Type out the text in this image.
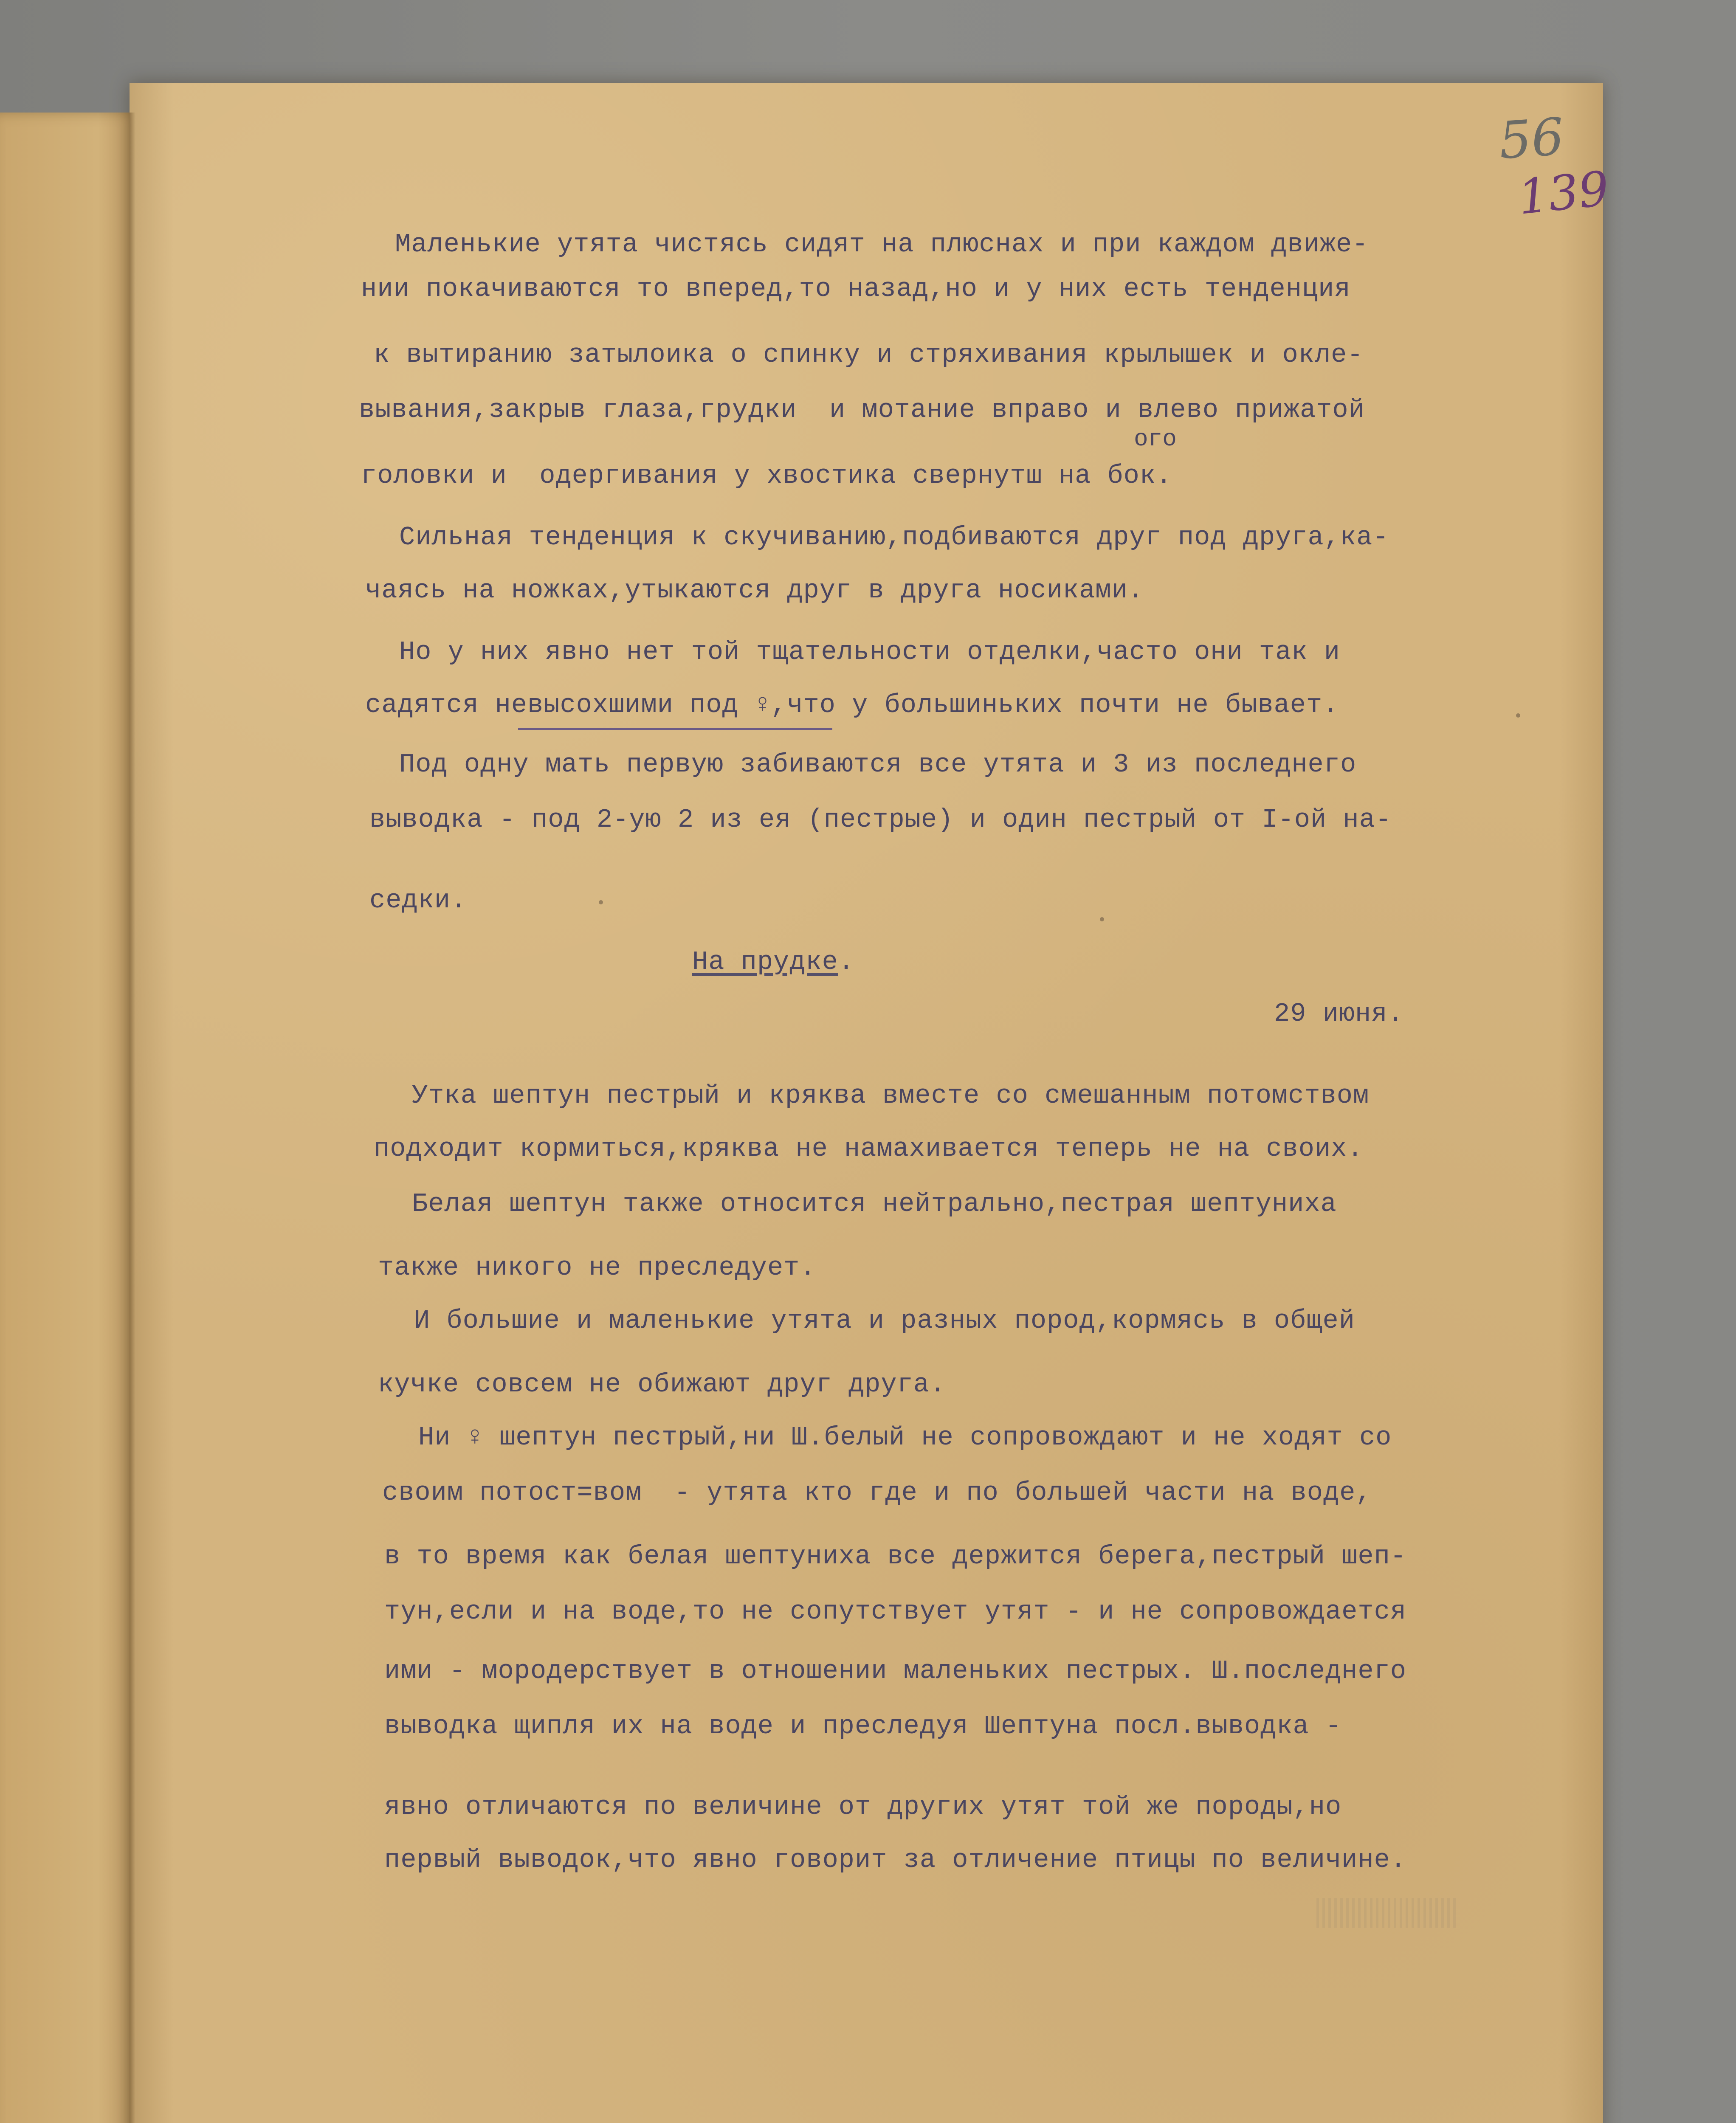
56
139
Маленькие утята чистясь сидят на плюснах и при каждом движе-
нии покачиваются то вперед,то назад,но и у них есть тенденция
к вытиранию затылоика о спинку и стряхивания крылышек и окле-
вывания,закрыв глаза,грудки  и мотание вправо и влево прижатой
ого
головки и  одергивания у хвостика свернутш на бок.
Сильная тенденция к скучиванию,подбиваются друг под друга,ка-
чаясь на ножках,утыкаются друг в друга носиками.
Но у них явно нет той тщательности отделки,часто они так и
садятся невысохшими под ♀,что у большиньких почти не бывает.
Под одну мать первую забиваются все утята и 3 из последнего
выводка - под 2-ую 2 из ея (пестрые) и один пестрый от I-ой на-
седки.
На прудке.
29 июня.
Утка шептун пестрый и кряква вместе со смешанным потомством
подходит кормиться,кряква не намахивается теперь не на своих.
Белая шептун также относится нейтрально,пестрая шептуниха
также никого не преследует.
И большие и маленькие утята и разных пород,кормясь в общей
кучке совсем не обижают друг друга.
Ни ♀ шептун пестрый,ни Ш.белый не сопровождают и не ходят со
своим потост=вом  - утята кто где и по большей части на воде,
в то время как белая шептуниха все держится берега,пестрый шеп-
тун,если и на воде,то не сопутствует утят - и не сопровождается
ими - мородерствует в отношении маленьких пестрых. Ш.последнего
выводка щипля их на воде и преследуя Шептуна посл.выводка -
явно отличаются по величине от других утят той же породы,но
первый выводок,что явно говорит за отличение птицы по величине.
